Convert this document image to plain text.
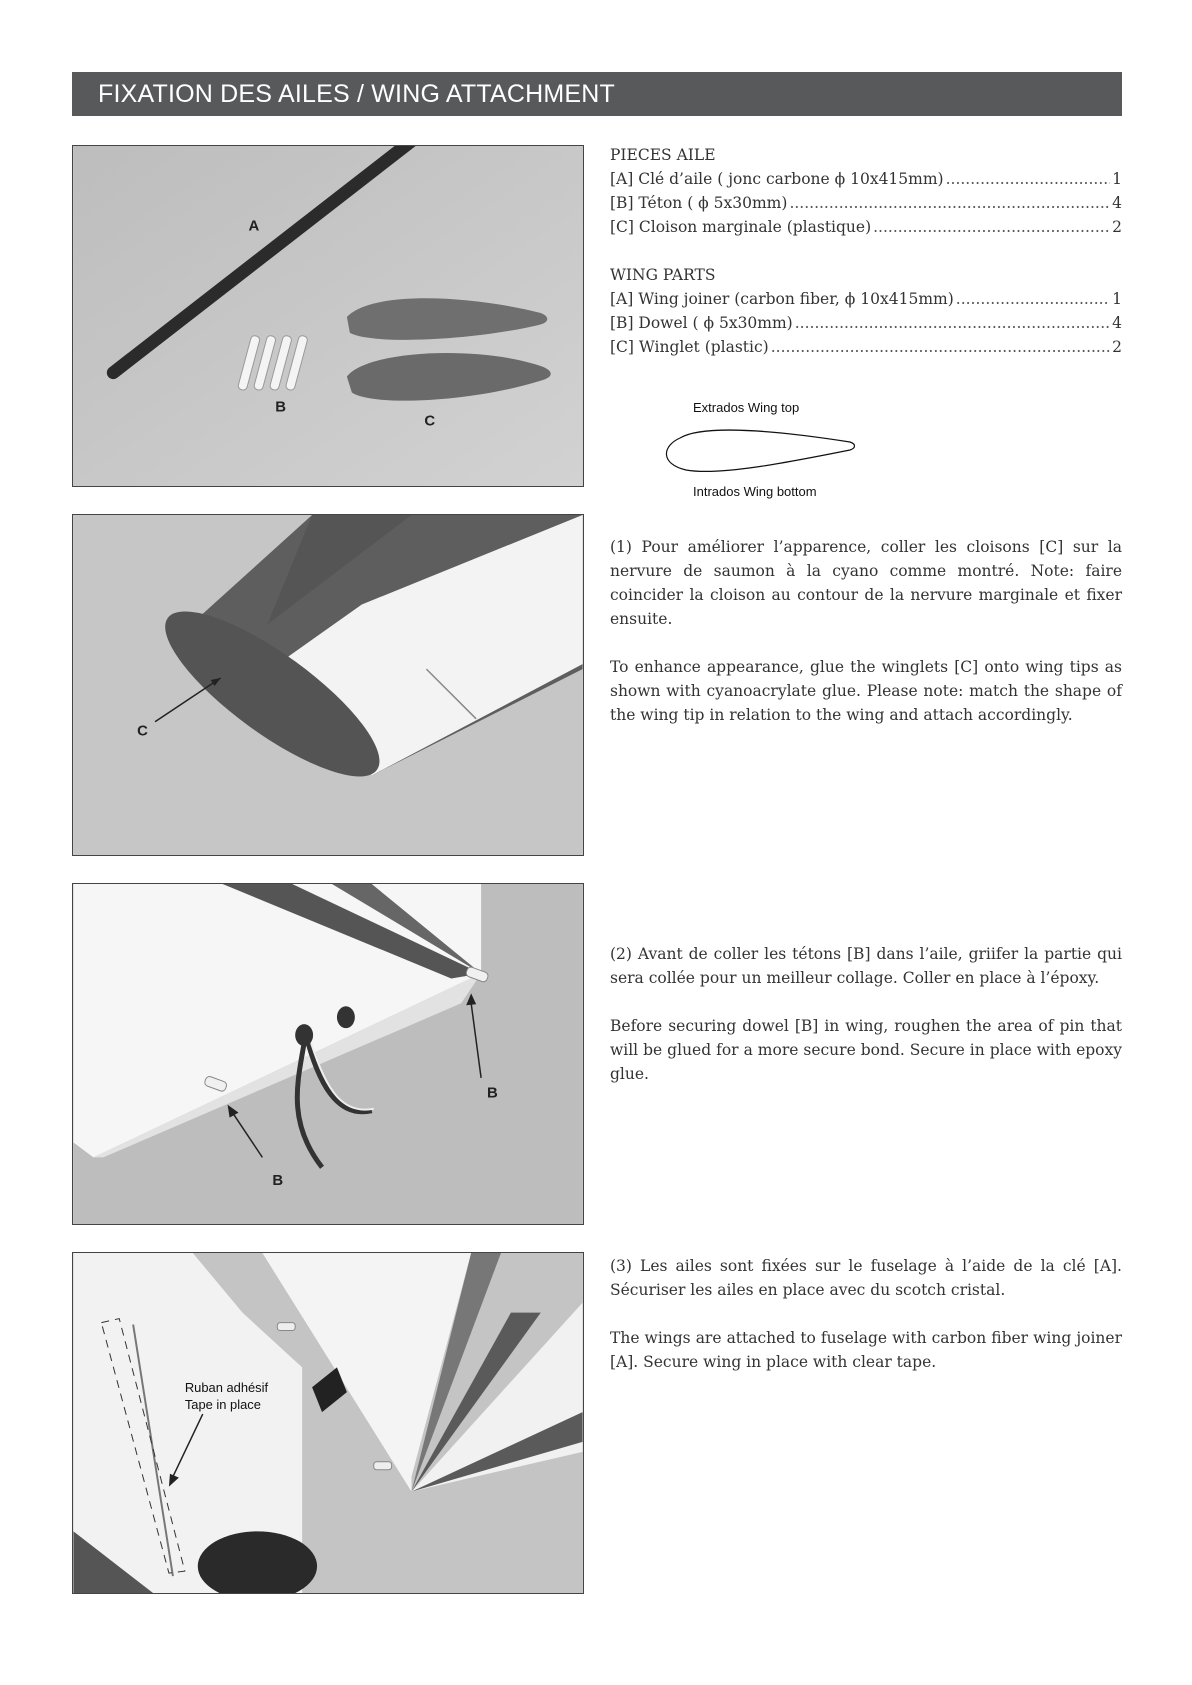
FIXATION DES AILES / WING ATTACHMENT
A
B
C
C
B
B
Ruban adhésif
Tape in place

PIECES AILE

[A] Clé d’aile ( jonc carbone ϕ 10x415mm) .....	1
[B] Téton ( ϕ 5x30mm) .....	4
[C] Cloison marginale (plastique) .....	2

WING PARTS

[A] Wing joiner (carbon fiber, ϕ 10x415mm) .....	1
[B] Dowel ( ϕ 5x30mm) .....	4
[C] Winglet (plastic) .....	2
Extrados Wing top
Intrados Wing bottom

(1) Pour améliorer l’apparence, coller les cloisons [C] sur la nervure de saumon à la cyano comme montré. Note: faire coincider la cloison au contour de la nervure marginale et fixer ensuite.

To enhance appearance, glue the winglets [C] onto wing tips as shown with cyanoacrylate glue. Please note: match the shape of the wing tip in relation to the wing and attach accordingly.

(2) Avant de coller les tétons [B] dans l’aile, griifer la partie qui sera collée pour un meilleur collage. Coller en place à l’époxy.

Before securing dowel [B] in wing, roughen the area of pin that will be glued for a more secure bond. Secure in place with epoxy glue.

(3) Les ailes sont fixées sur le fuselage à l’aide de la clé [A]. Sécuriser les ailes en place avec du scotch cristal.

The wings are attached to fuselage with carbon fiber wing joiner [A]. Secure wing in place with clear tape.
